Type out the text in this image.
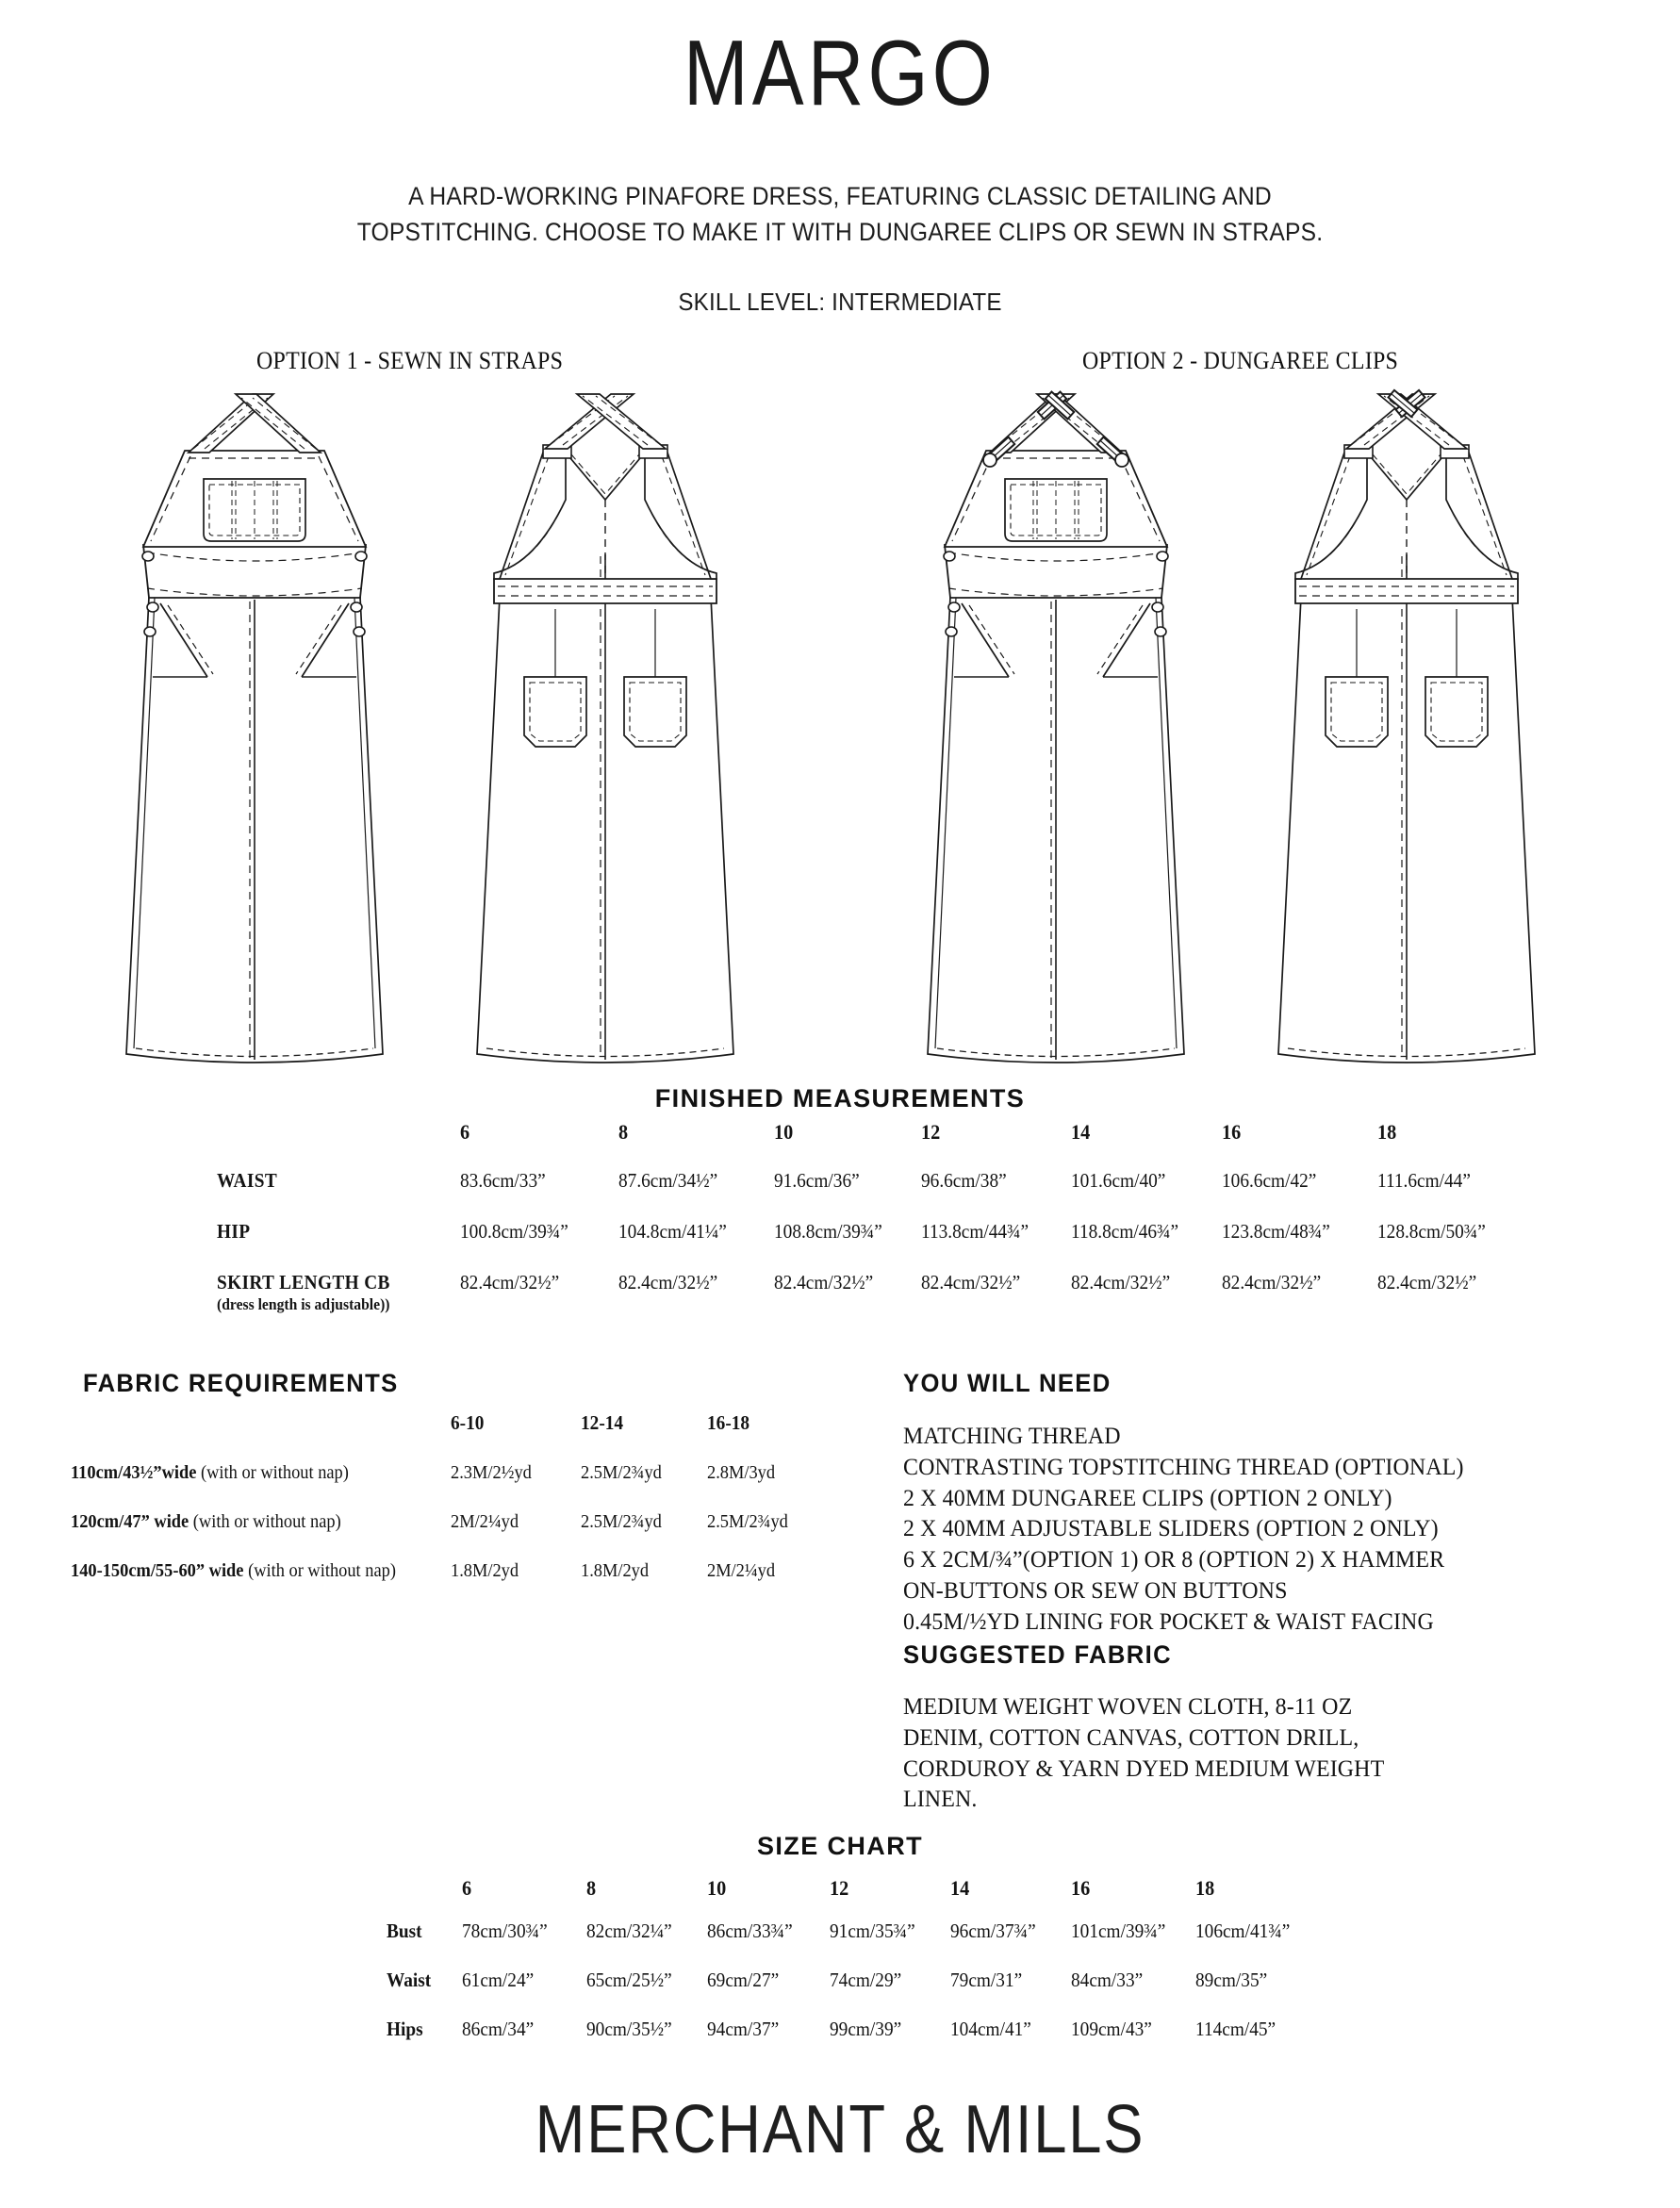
MARGO
A HARD-WORKING PINAFORE DRESS, FEATURING CLASSIC DETAILING AND
TOPSTITCHING. CHOOSE TO MAKE IT WITH DUNGAREE CLIPS OR SEWN IN STRAPS.
SKILL LEVEL: INTERMEDIATE
OPTION 1 - SEWN IN STRAPS	OPTION 2 - DUNGAREE CLIPS
FINISHED MEASUREMENTS
6	8	10	12	14	16	18
WAIST	83.6cm/33”	87.6cm/34½”	91.6cm/36”	96.6cm/38”	101.6cm/40”	106.6cm/42”	111.6cm/44”
HIP	100.8cm/39¾”	104.8cm/41¼” 108.8cm/39¾” 113.8cm/44¾” 118.8cm/46¾” 123.8cm/48¾” 128.8cm/50¾”
SKIRT LENGTH CB
(dress length is adjustable))
82.4cm/32½”	82.4cm/32½”	82.4cm/32½” 82.4cm/32½”	82.4cm/32½”	82.4cm/32½”	82.4cm/32½”
FABRIC REQUIREMENTS
6-10	12-14	16-18
110cm/43½”wide (with or without nap)	2.3M/2½yd	2.5M/2¾yd 2.8M/3yd
120cm/47” wide (with or without nap)	2M/2¼yd	2.5M/2¾yd 2.5M/2¾yd
140-150cm/55-60” wide (with or without nap)	1.8M/2yd	1.8M/2yd	2M/2¼yd
YOU WILL NEED
MATCHING THREAD
CONTRASTING TOPSTITCHING THREAD (OPTIONAL)
2 X 40MM DUNGAREE CLIPS (OPTION 2 ONLY)
2 X 40MM ADJUSTABLE SLIDERS (OPTION 2 ONLY)
6 X 2CM/¾”(OPTION 1) OR 8 (OPTION 2) X HAMMER
ON-BUTTONS OR SEW ON BUTTONS
0.45M/½YD LINING FOR POCKET & WAIST FACING
SUGGESTED FABRIC
MEDIUM WEIGHT WOVEN CLOTH, 8-11 OZ
DENIM, COTTON CANVAS, COTTON DRILL,
CORDUROY & YARN DYED MEDIUM WEIGHT
LINEN.
SIZE CHART
6	8	10	12	14	16	18
Bust 78cm/30¾” 82cm/32¼” 86cm/33¾” 91cm/35¾” 96cm/37¾” 101cm/39¾” 106cm/41¾”
Waist 61cm/24”	65cm/25½” 69cm/27”	74cm/29” 79cm/31” 84cm/33”	89cm/35”
Hips 86cm/34”	90cm/35½” 94cm/37”	99cm/39” 104cm/41” 109cm/43” 114cm/45”
MERCHANT & MILLS
